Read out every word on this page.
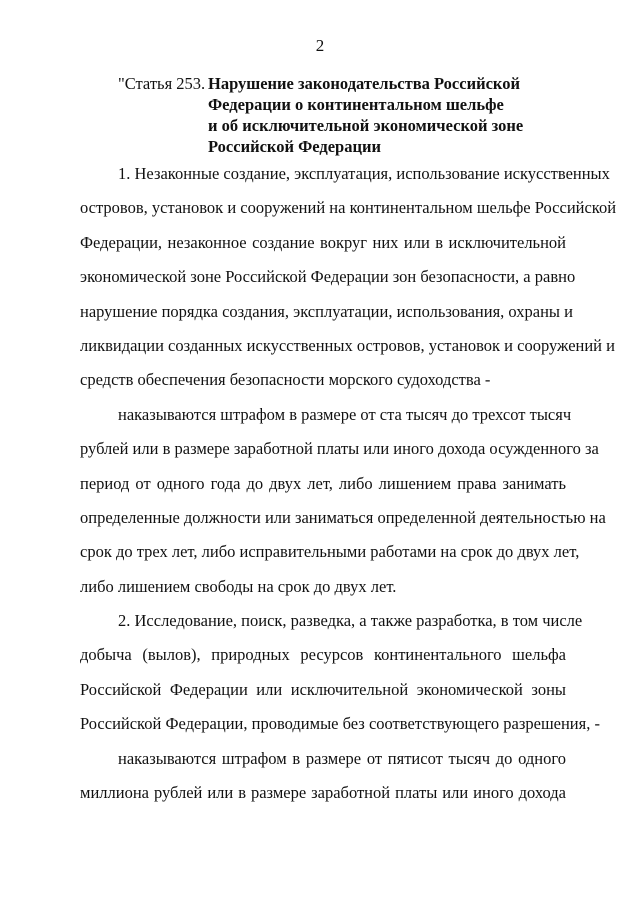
2
"Статья 253. Нарушение законодательства Российской
Федерации о континентальном шельфе
и об исключительной экономической зоне
Российской Федерации

1. Незаконные создание, эксплуатация, использование искусственных
островов, установок и сооружений на континентальном шельфе Российской
Федерации, незаконное создание вокруг них или в исключительной
экономической зоне Российской Федерации зон безопасности, а равно
нарушение порядка создания, эксплуатации, использования, охраны и
ликвидации созданных искусственных островов, установок и сооружений и
средств обеспечения безопасности морского судоходства -

наказываются штрафом в размере от ста тысяч до трехсот тысяч
рублей или в размере заработной платы или иного дохода осужденного за
период от одного года до двух лет, либо лишением права занимать
определенные должности или заниматься определенной деятельностью на
срок до трех лет, либо исправительными работами на срок до двух лет,
либо лишением свободы на срок до двух лет.

2. Исследование, поиск, разведка, а также разработка, в том числе
добыча (вылов), природных ресурсов континентального шельфа
Российской Федерации или исключительной экономической зоны
Российской Федерации, проводимые без соответствующего разрешения, -

наказываются штрафом в размере от пятисот тысяч до одного
миллиона рублей или в размере заработной платы или иного дохода
